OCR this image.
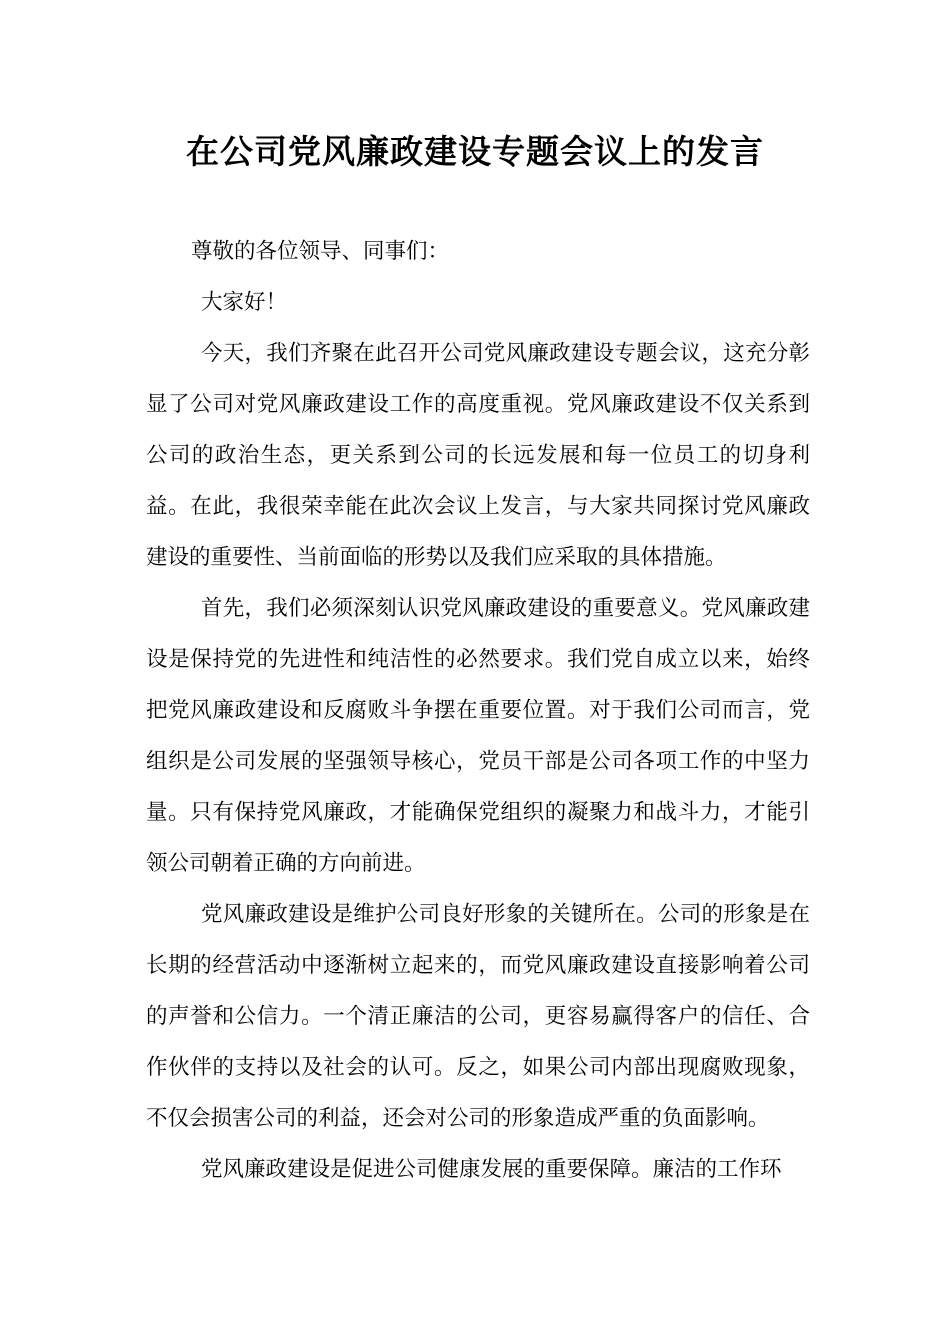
在公司党风廉政建设专题会议上的发言

尊敬的各位领导、同事们：

大家好！

今天，我们齐聚在此召开公司党风廉政建设专题会议，这充分彰显了公司对党风廉政建设工作的高度重视。党风廉政建设不仅关系到公司的政治生态，更关系到公司的长远发展和每一位员工的切身利益。在此，我很荣幸能在此次会议上发言，与大家共同探讨党风廉政建设的重要性、当前面临的形势以及我们应采取的具体措施。

首先，我们必须深刻认识党风廉政建设的重要意义。党风廉政建设是保持党的先进性和纯洁性的必然要求。我们党自成立以来，始终把党风廉政建设和反腐败斗争摆在重要位置。对于我们公司而言，党组织是公司发展的坚强领导核心，党员干部是公司各项工作的中坚力量。只有保持党风廉政，才能确保党组织的凝聚力和战斗力，才能引领公司朝着正确的方向前进。

党风廉政建设是维护公司良好形象的关键所在。公司的形象是在长期的经营活动中逐渐树立起来的，而党风廉政建设直接影响着公司的声誉和公信力。一个清正廉洁的公司，更容易赢得客户的信任、合作伙伴的支持以及社会的认可。反之，如果公司内部出现腐败现象，不仅会损害公司的利益，还会对公司的形象造成严重的负面影响。

党风廉政建设是促进公司健康发展的重要保障。廉洁的工作环
